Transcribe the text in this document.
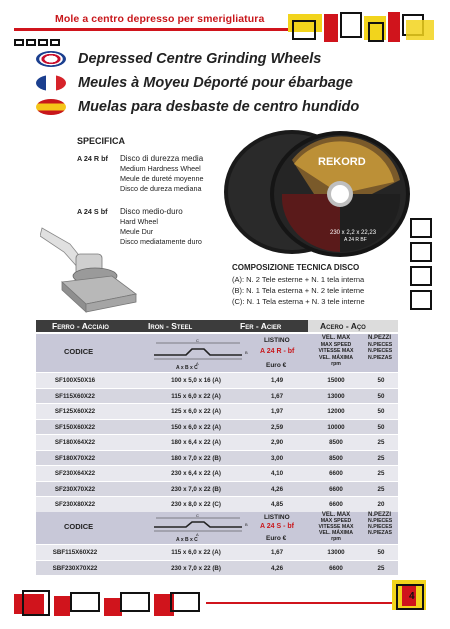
Mole a centro depresso per smerigliatura
Depressed Centre Grinding Wheels
Meules à Moyeu Déporté pour ébarbage
Muelas para desbaste de centro hundido
SPECIFICA
A 24 R bf	Disco di durezza media
Medium Hardness Wheel
Meule de dureté moyenne
Disco de dureza mediana
A 24 S bf	Disco medio-duro
Hard Wheel
Meule Dur
Disco mediatamente duro
REKORD
230 x 2,2 x 22,23
A 24 R BF
COMPOSIZIONE TECNICA DISCO
(A): N. 2 Tele esterne + N. 1 tela interna
(B): N. 1 Tela esterna + N. 2 tele interne
(C): N. 1 Tela esterna + N. 3 tele interne
Ferro - Acciaio	Iron - Steel	Fer - Acier	Acero - Aço
CODICE
C
A
B
A x B x C
LISTINO
A 24 R - bf
Euro €
VEL. MAX
MAX SPEED
VITESSE MAX
VEL. MÁXIMA
rpm
N.PEZZI
N.PIECES
N.PIECES
N.PIEZAS
SF100X50X16	100 x 5,0 x 16 (A)	1,49	15000	50
SF115X60X22	115 x 6,0 x 22 (A)	1,67	13000	50
SF125X60X22	125 x 6,0 x 22 (A)	1,97	12000	50
SF150X60X22	150 x 6,0 x 22 (A)	2,59	10000	50
SF180X64X22	180 x 6,4 x 22 (A)	2,90	8500	25
SF180X70X22	180 x 7,0 x 22 (B)	3,00	8500	25
SF230X64X22	230 x 6,4 x 22 (A)	4,10	6600	25
SF230X70X22	230 x 7,0 x 22 (B)	4,26	6600	25
SF230X80X22	230 x 8,0 x 22 (C)	4,85	6600	20
CODICE
C
A
B
A x B x C
LISTINO
A 24 S - bf
Euro €
VEL. MAX
MAX SPEED
VITESSE MAX
VEL. MÁXIMA
rpm
N.PEZZI
N.PIECES
N.PIECES
N.PIEZAS
SBF115X60X22	115 x 6,0 x 22 (A)	1,67	13000	50
SBF230X70X22	230 x 7,0 x 22 (B)	4,26	6600	25
4
